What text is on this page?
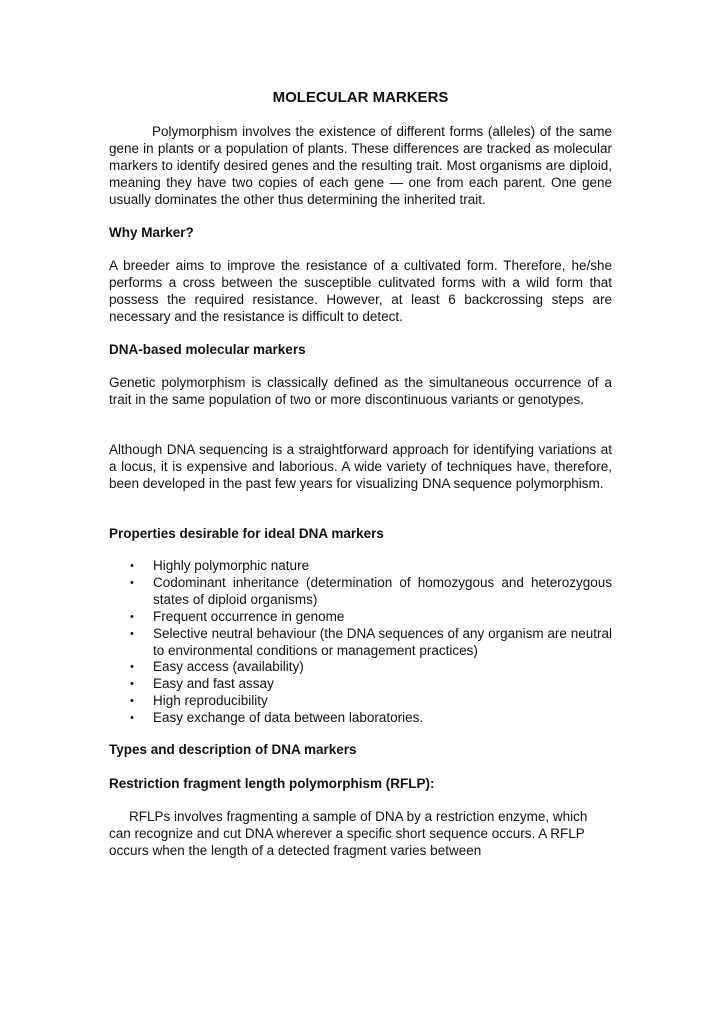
MOLECULAR MARKERS

Polymorphism involves the existence of different forms (alleles) of the same gene in plants or a population of plants. These differences are tracked as molecular markers to identify desired genes and the resulting trait. Most organisms are diploid, meaning they have two copies of each gene — one from each parent. One gene usually dominates the other thus determining the inherited trait.

Why Marker?

A breeder aims to improve the resistance of a cultivated form. Therefore, he/she performs a cross between the susceptible culitvated forms with a wild form that possess the required resistance. However, at least 6 backcrossing steps are necessary and the resistance is difficult to detect.

DNA-based molecular markers

Genetic polymorphism is classically defined as the simultaneous occurrence of a trait in the same population of two or more discontinuous variants or genotypes.

Although DNA sequencing is a straightforward approach for identifying variations at a locus, it is expensive and laborious. A wide variety of techniques have, therefore, been developed in the past few years for visualizing DNA sequence polymorphism.

Properties desirable for ideal DNA markers

• Highly polymorphic nature
• Codominant inheritance (determination of homozygous and heterozygous states of diploid organisms)
• Frequent occurrence in genome
• Selective neutral behaviour (the DNA sequences of any organism are neutral to environmental conditions or management practices)
• Easy access (availability)
• Easy and fast assay
• High reproducibility
• Easy exchange of data between laboratories.

Types and description of DNA markers

Restriction fragment length polymorphism (RFLP):

RFLPs involves fragmenting a sample of DNA by a restriction enzyme, which can recognize and cut DNA wherever a specific short sequence occurs. A RFLP occurs when the length of a detected fragment varies between
